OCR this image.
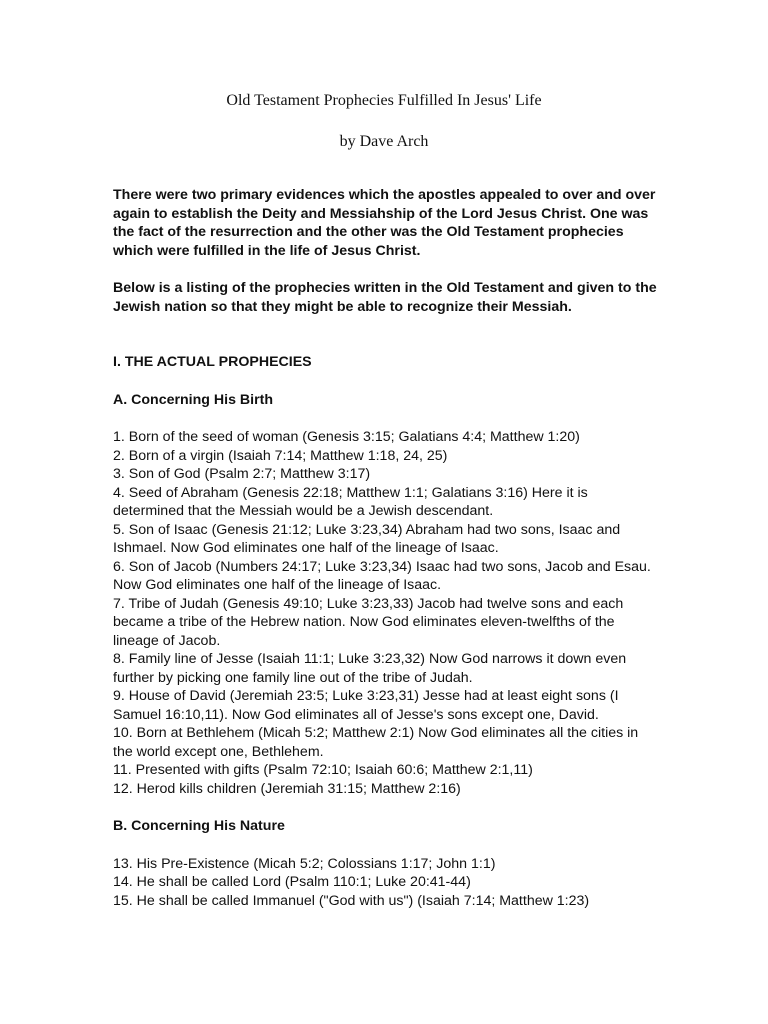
Old Testament Prophecies Fulfilled In Jesus' Life
by Dave Arch

There were two primary evidences which the apostles appealed to over and over again to establish the Deity and Messiahship of the Lord Jesus Christ. One was the fact of the resurrection and the other was the Old Testament prophecies which were fulfilled in the life of Jesus Christ.

Below is a listing of the prophecies written in the Old Testament and given to the Jewish nation so that they might be able to recognize their Messiah.

I. THE ACTUAL PROPHECIES

A. Concerning His Birth

1. Born of the seed of woman (Genesis 3:15; Galatians 4:4; Matthew 1:20)
2. Born of a virgin (Isaiah 7:14; Matthew 1:18, 24, 25)
3. Son of God (Psalm 2:7; Matthew 3:17)
4. Seed of Abraham (Genesis 22:18; Matthew 1:1; Galatians 3:16) Here it is determined that the Messiah would be a Jewish descendant.
5. Son of Isaac (Genesis 21:12; Luke 3:23,34) Abraham had two sons, Isaac and Ishmael. Now God eliminates one half of the lineage of Isaac.
6. Son of Jacob (Numbers 24:17; Luke 3:23,34) Isaac had two sons, Jacob and Esau. Now God eliminates one half of the lineage of Isaac.
7. Tribe of Judah (Genesis 49:10; Luke 3:23,33) Jacob had twelve sons and each became a tribe of the Hebrew nation. Now God eliminates eleven-twelfths of the lineage of Jacob.
8. Family line of Jesse (Isaiah 11:1; Luke 3:23,32) Now God narrows it down even further by picking one family line out of the tribe of Judah.
9. House of David (Jeremiah 23:5; Luke 3:23,31) Jesse had at least eight sons (I Samuel 16:10,11). Now God eliminates all of Jesse's sons except one, David.
10. Born at Bethlehem (Micah 5:2; Matthew 2:1) Now God eliminates all the cities in the world except one, Bethlehem.
11. Presented with gifts (Psalm 72:10; Isaiah 60:6; Matthew 2:1,11)
12. Herod kills children (Jeremiah 31:15; Matthew 2:16)

B. Concerning His Nature

13. His Pre-Existence (Micah 5:2; Colossians 1:17; John 1:1)
14. He shall be called Lord (Psalm 110:1; Luke 20:41-44)
15. He shall be called Immanuel ("God with us") (Isaiah 7:14; Matthew 1:23)
